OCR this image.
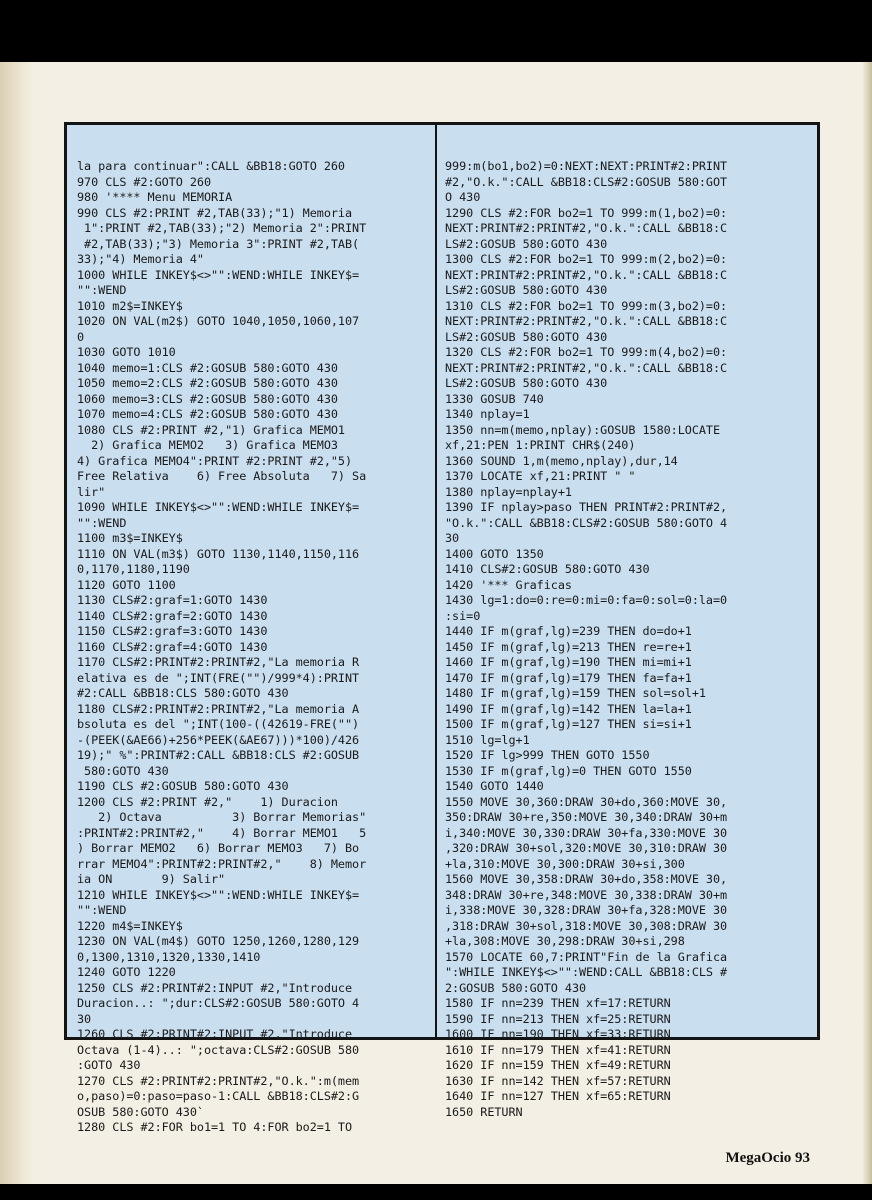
la para continuar":CALL &BB18:GOTO 260
970 CLS #2:GOTO 260
980 '**** Menu MEMORIA
990 CLS #2:PRINT #2,TAB(33);"1) Memoria
1":PRINT #2,TAB(33);"2) Memoria 2":PRINT
#2,TAB(33);"3) Memoria 3":PRINT #2,TAB(
33);"4) Memoria 4"
1000 WHILE INKEY$<>"":WEND:WHILE INKEY$=
"":WEND
1010 m2$=INKEY$
1020 ON VAL(m2$) GOTO 1040,1050,1060,107
0
1030 GOTO 1010
1040 memo=1:CLS #2:GOSUB 580:GOTO 430
1050 memo=2:CLS #2:GOSUB 580:GOTO 430
1060 memo=3:CLS #2:GOSUB 580:GOTO 430
1070 memo=4:CLS #2:GOSUB 580:GOTO 430
1080 CLS #2:PRINT #2,"1) Grafica MEMO1
2) Grafica MEMO2   3) Grafica MEMO3
4) Grafica MEMO4":PRINT #2:PRINT #2,"5)
Free Relativa    6) Free Absoluta   7) Sa
lir"
1090 WHILE INKEY$<>"":WEND:WHILE INKEY$=
"":WEND
1100 m3$=INKEY$
1110 ON VAL(m3$) GOTO 1130,1140,1150,116
0,1170,1180,1190
1120 GOTO 1100
1130 CLS#2:graf=1:GOTO 1430
1140 CLS#2:graf=2:GOTO 1430
1150 CLS#2:graf=3:GOTO 1430
1160 CLS#2:graf=4:GOTO 1430
1170 CLS#2:PRINT#2:PRINT#2,"La memoria R
elativa es de ";INT(FRE("")/999*4):PRINT
#2:CALL &BB18:CLS 580:GOTO 430
1180 CLS#2:PRINT#2:PRINT#2,"La memoria A
bsoluta es del ";INT(100-((42619-FRE("")
-(PEEK(&AE66)+256*PEEK(&AE67)))*100)/426
19);" %":PRINT#2:CALL &BB18:CLS #2:GOSUB
580:GOTO 430
1190 CLS #2:GOSUB 580:GOTO 430
1200 CLS #2:PRINT #2,"    1) Duracion
2) Octava          3) Borrar Memorias"
:PRINT#2:PRINT#2,"    4) Borrar MEMO1   5
) Borrar MEMO2   6) Borrar MEMO3   7) Bo
rrar MEMO4":PRINT#2:PRINT#2,"    8) Memor
ia ON       9) Salir"
1210 WHILE INKEY$<>"":WEND:WHILE INKEY$=
"":WEND
1220 m4$=INKEY$
1230 ON VAL(m4$) GOTO 1250,1260,1280,129
0,1300,1310,1320,1330,1410
1240 GOTO 1220
1250 CLS #2:PRINT#2:INPUT #2,"Introduce
Duracion..: ";dur:CLS#2:GOSUB 580:GOTO 4
30
1260 CLS #2:PRINT#2:INPUT #2,"Introduce
Octava (1-4)..: ";octava:CLS#2:GOSUB 580
:GOTO 430
1270 CLS #2:PRINT#2:PRINT#2,"O.k.":m(mem
o,paso)=0:paso=paso-1:CALL &BB18:CLS#2:G
OSUB 580:GOTO 430`
1280 CLS #2:FOR bo1=1 TO 4:FOR bo2=1 TO
999:m(bo1,bo2)=0:NEXT:NEXT:PRINT#2:PRINT
#2,"O.k.":CALL &BB18:CLS#2:GOSUB 580:GOT
O 430
1290 CLS #2:FOR bo2=1 TO 999:m(1,bo2)=0:
NEXT:PRINT#2:PRINT#2,"O.k.":CALL &BB18:C
LS#2:GOSUB 580:GOTO 430
1300 CLS #2:FOR bo2=1 TO 999:m(2,bo2)=0:
NEXT:PRINT#2:PRINT#2,"O.k.":CALL &BB18:C
LS#2:GOSUB 580:GOTO 430
1310 CLS #2:FOR bo2=1 TO 999:m(3,bo2)=0:
NEXT:PRINT#2:PRINT#2,"O.k.":CALL &BB18:C
LS#2:GOSUB 580:GOTO 430
1320 CLS #2:FOR bo2=1 TO 999:m(4,bo2)=0:
NEXT:PRINT#2:PRINT#2,"O.k.":CALL &BB18:C
LS#2:GOSUB 580:GOTO 430
1330 GOSUB 740
1340 nplay=1
1350 nn=m(memo,nplay):GOSUB 1580:LOCATE
xf,21:PEN 1:PRINT CHR$(240)
1360 SOUND 1,m(memo,nplay),dur,14
1370 LOCATE xf,21:PRINT " "
1380 nplay=nplay+1
1390 IF nplay>paso THEN PRINT#2:PRINT#2,
"O.k.":CALL &BB18:CLS#2:GOSUB 580:GOTO 4
30
1400 GOTO 1350
1410 CLS#2:GOSUB 580:GOTO 430
1420 '*** Graficas
1430 lg=1:do=0:re=0:mi=0:fa=0:sol=0:la=0
:si=0
1440 IF m(graf,lg)=239 THEN do=do+1
1450 IF m(graf,lg)=213 THEN re=re+1
1460 IF m(graf,lg)=190 THEN mi=mi+1
1470 IF m(graf,lg)=179 THEN fa=fa+1
1480 IF m(graf,lg)=159 THEN sol=sol+1
1490 IF m(graf,lg)=142 THEN la=la+1
1500 IF m(graf,lg)=127 THEN si=si+1
1510 lg=lg+1
1520 IF lg>999 THEN GOTO 1550
1530 IF m(graf,lg)=0 THEN GOTO 1550
1540 GOTO 1440
1550 MOVE 30,360:DRAW 30+do,360:MOVE 30,
350:DRAW 30+re,350:MOVE 30,340:DRAW 30+m
i,340:MOVE 30,330:DRAW 30+fa,330:MOVE 30
,320:DRAW 30+sol,320:MOVE 30,310:DRAW 30
+la,310:MOVE 30,300:DRAW 30+si,300
1560 MOVE 30,358:DRAW 30+do,358:MOVE 30,
348:DRAW 30+re,348:MOVE 30,338:DRAW 30+m
i,338:MOVE 30,328:DRAW 30+fa,328:MOVE 30
,318:DRAW 30+sol,318:MOVE 30,308:DRAW 30
+la,308:MOVE 30,298:DRAW 30+si,298
1570 LOCATE 60,7:PRINT"Fin de la Grafica
":WHILE INKEY$<>"":WEND:CALL &BB18:CLS #
2:GOSUB 580:GOTO 430
1580 IF nn=239 THEN xf=17:RETURN
1590 IF nn=213 THEN xf=25:RETURN
1600 IF nn=190 THEN xf=33:RETURN
1610 IF nn=179 THEN xf=41:RETURN
1620 IF nn=159 THEN xf=49:RETURN
1630 IF nn=142 THEN xf=57:RETURN
1640 IF nn=127 THEN xf=65:RETURN
1650 RETURN
MegaOcio 93
